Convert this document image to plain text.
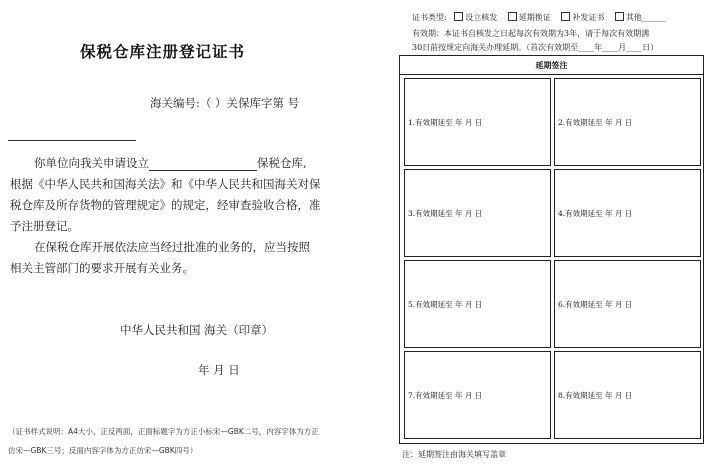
保税仓库注册登记证书
海关编号:（ ）关保库字第 号
你单位向我关申请设立	保税仓库,
根据《中华人民共和国海关法》和《中华人民共和国海关对保
税仓库及所存货物的管理规定》的规定，经审查验收合格，准
予注册登记。
在保税仓库开展依法应当经过批准的业务的，应当按照
相关主管部门的要求开展有关业务。
中华人民共和国 海关（印章）
年 月 日
（证书样式说明：A4大小，正反两面，正面标题字为方正小标宋—GBK二号，内容字体为方正
仿宋—GBK三号；反面内容字体为方正仿宋—GBK四号）
证书类型: 设立核发	延期换证	补发证书	其他______
有效期：本证书自核发之日起每次有效期为3年，请于每次有效期满
30日前按规定向海关办理延期。（首次有效期至____年____月____日）
延期签注
1.有效期延至 年 月 日	2.有效期延至 年 月 日
3.有效期延至 年 月 日	4.有效期延至 年 月 日
5.有效期延至 年 月 日	6.有效期延至 年 月 日
7.有效期延至 年 月 日	8.有效期延至 年 月 日
注：延期签注由海关填写盖章
